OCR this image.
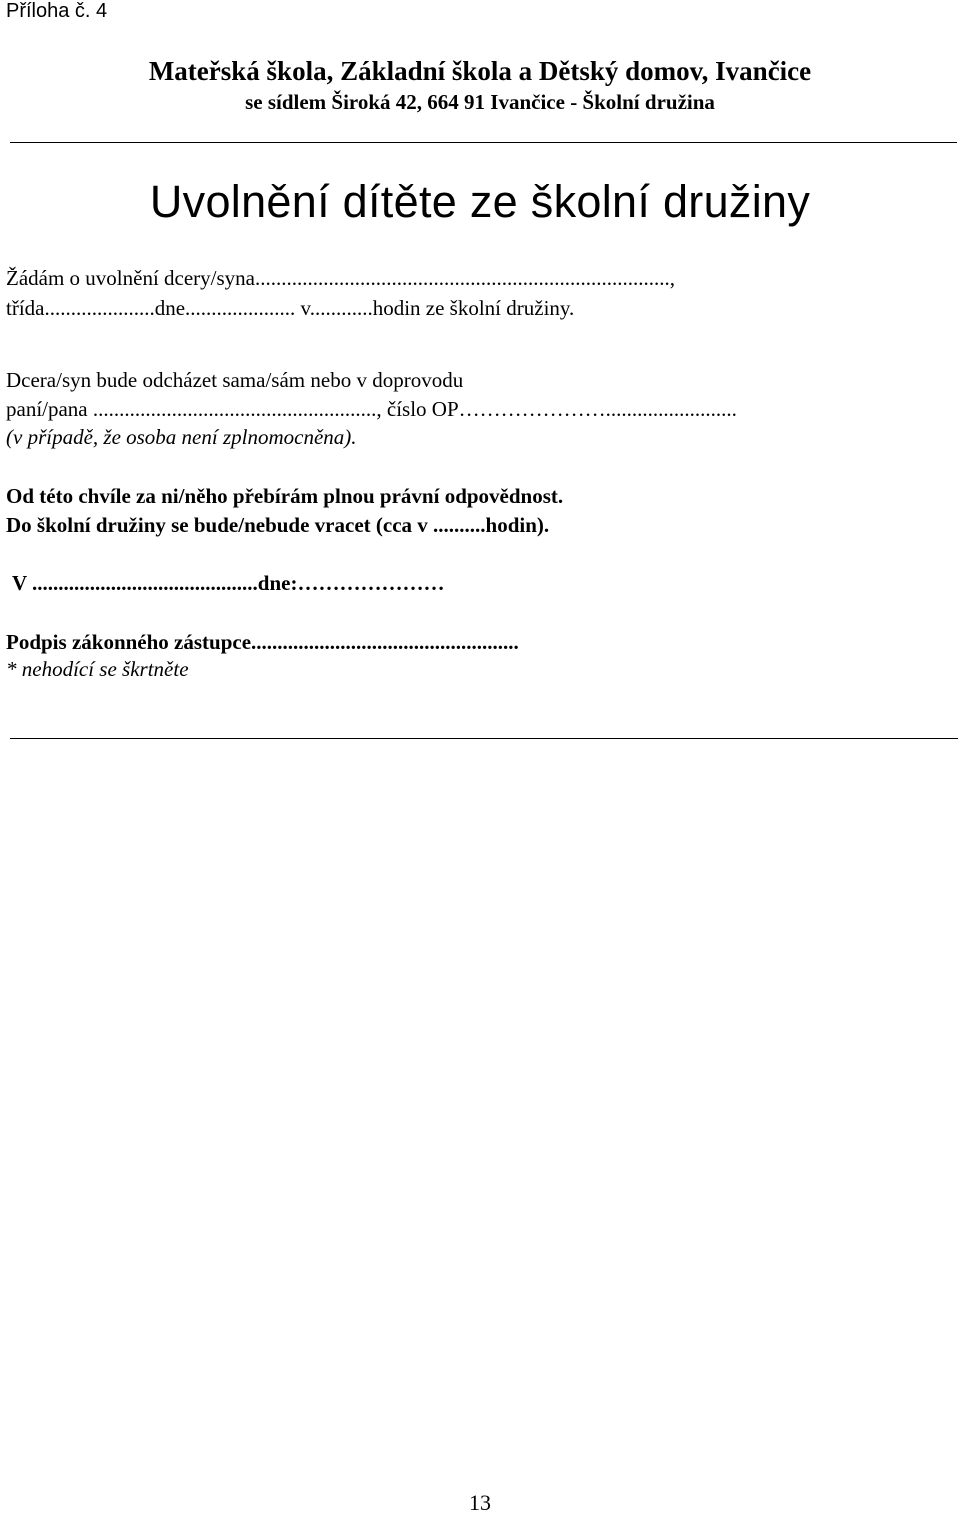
Příloha č. 4
Mateřská škola, Základní škola a Dětský domov, Ivančice
se sídlem Široká 42, 664 91 Ivančice - Školní družina
Uvolnění dítěte ze školní družiny
Žádám o uvolnění dcery/syna...............................................................................,
třída.....................dne..................... v............hodin ze školní družiny.
Dcera/syn bude odcházet sama/sám nebo v doprovodu
paní/pana ......................................................, číslo OP………………….........................
(v případě, že osoba není zplnomocněna).
Od této chvíle za ni/něho přebírám plnou právní odpovědnost.
Do školní družiny se bude/nebude vracet (cca v ..........hodin).
V ...........................................dne:…………………
Podpis zákonného zástupce...................................................
* nehodící se škrtněte
13
